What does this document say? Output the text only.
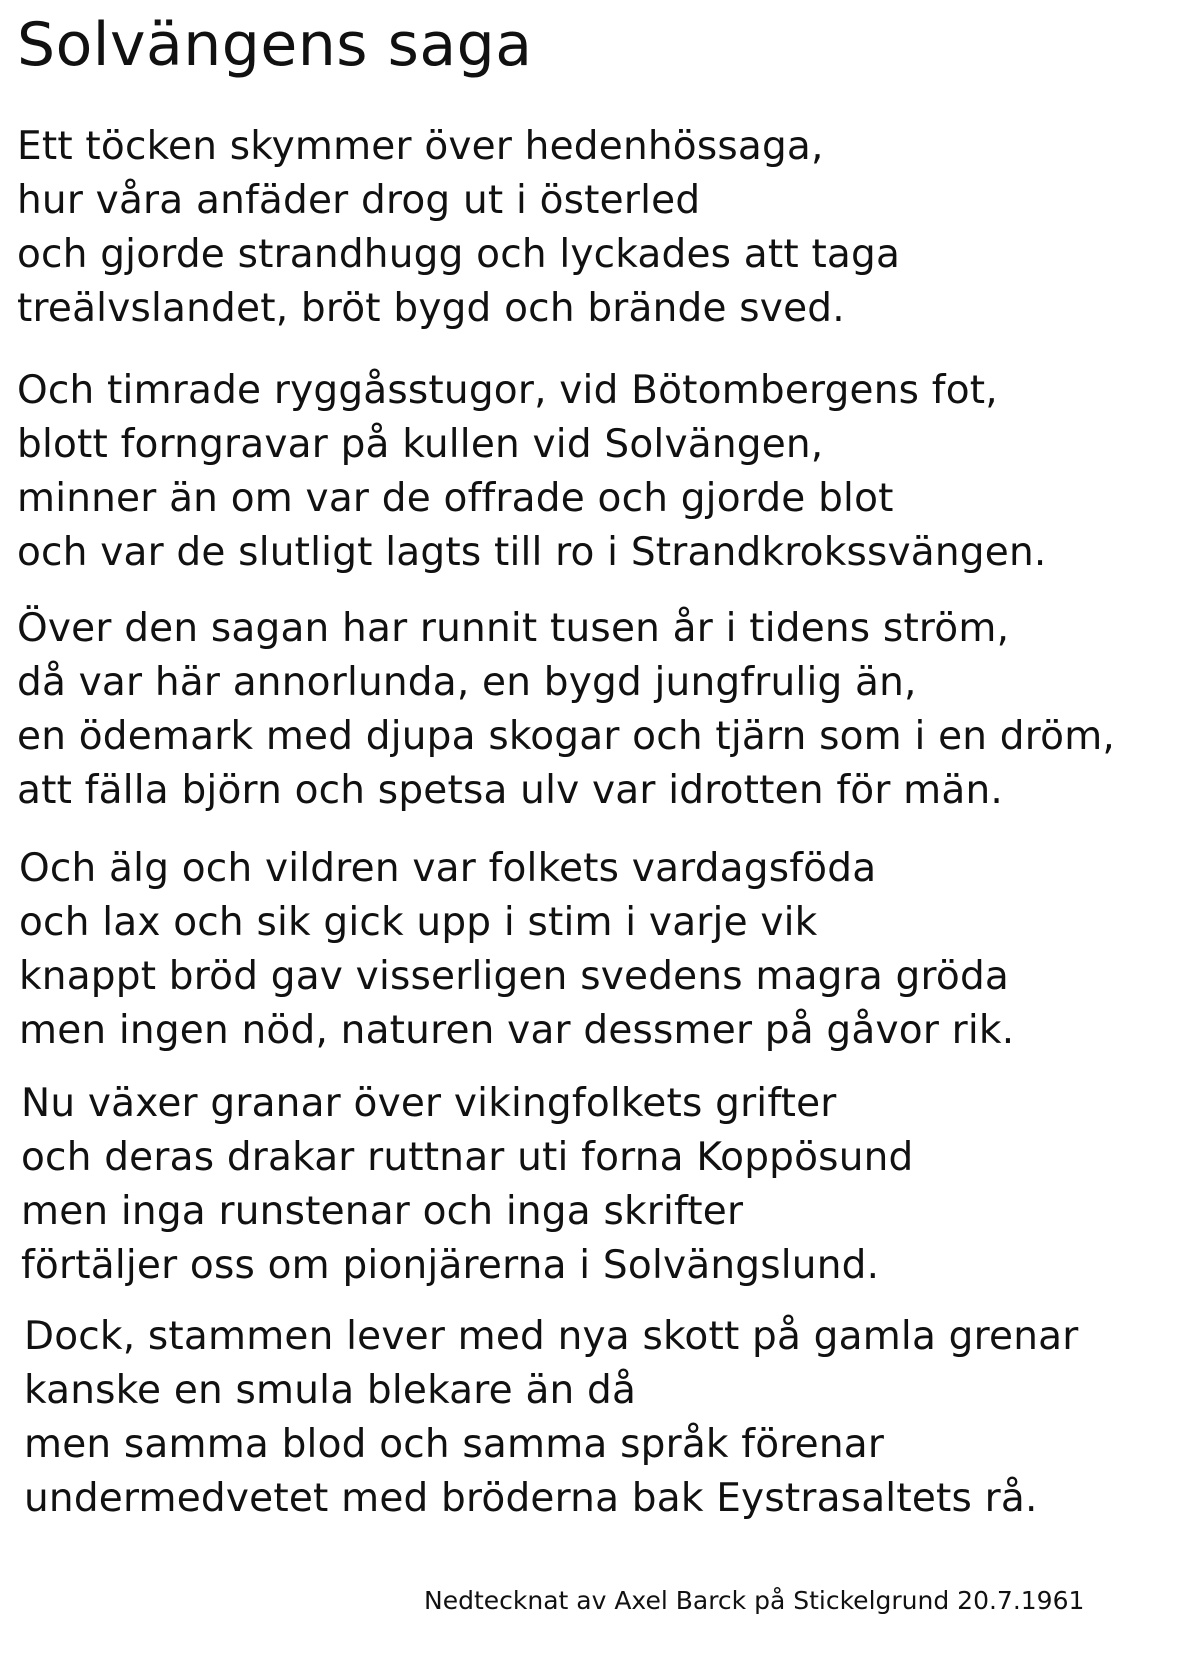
Solvängens saga

Ett töcken skymmer över hedenhössaga,
hur våra anfäder drog ut i österled
och gjorde strandhugg och lyckades att taga
treälvslandet, bröt bygd och brände sved.

Och timrade ryggåsstugor, vid Bötombergens fot,
blott forngravar på kullen vid Solvängen,
minner än om var de offrade och gjorde blot
och var de slutligt lagts till ro i Strandkrokssvängen.

Över den sagan har runnit tusen år i tidens ström,
då var här annorlunda, en bygd jungfrulig än,
en ödemark med djupa skogar och tjärn som i en dröm,
att fälla björn och spetsa ulv var idrotten för män.

Och älg och vildren var folkets vardagsföda
och lax och sik gick upp i stim i varje vik
knappt bröd gav visserligen svedens magra gröda
men ingen nöd, naturen var dessmer på gåvor rik.

Nu växer granar över vikingfolkets grifter
och deras drakar ruttnar uti forna Koppösund
men inga runstenar och inga skrifter
förtäljer oss om pionjärerna i Solvängslund.

Dock, stammen lever med nya skott på gamla grenar
kanske en smula blekare än då
men samma blod och samma språk förenar
undermedvetet med bröderna bak Eystrasaltets rå.

Nedtecknat av Axel Barck på Stickelgrund 20.7.1961
